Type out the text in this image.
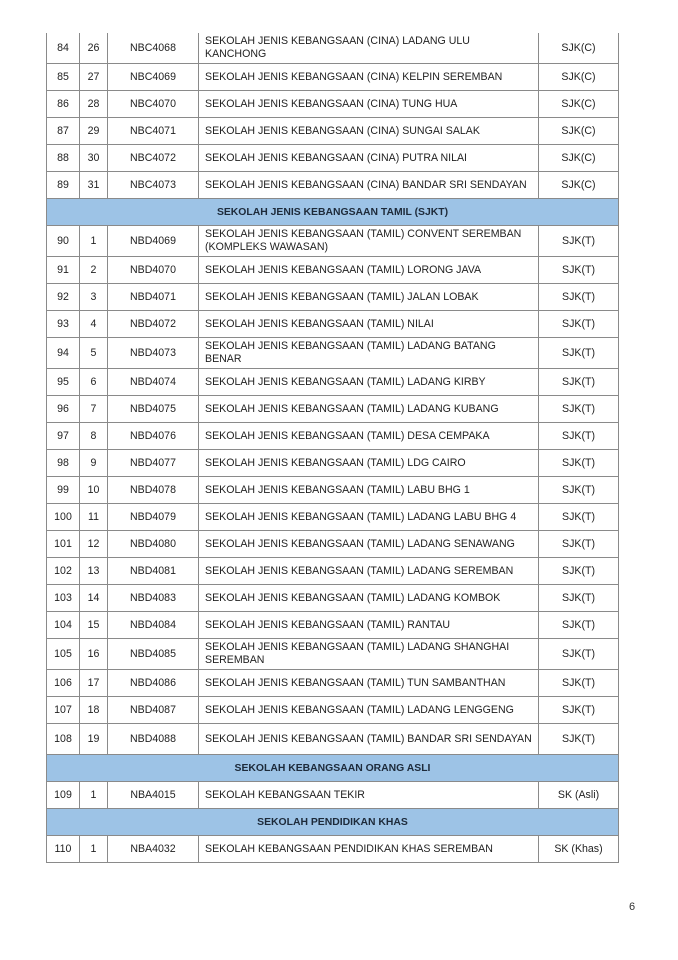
84	26	NBC4068	SEKOLAH JENIS KEBANGSAAN (CINA) LADANG ULU KANCHONG	SJK(C)
85	27	NBC4069	SEKOLAH JENIS KEBANGSAAN (CINA) KELPIN SEREMBAN	SJK(C)
86	28	NBC4070	SEKOLAH JENIS KEBANGSAAN (CINA) TUNG HUA	SJK(C)
87	29	NBC4071	SEKOLAH JENIS KEBANGSAAN (CINA) SUNGAI SALAK	SJK(C)
88	30	NBC4072	SEKOLAH JENIS KEBANGSAAN (CINA) PUTRA NILAI	SJK(C)
89	31	NBC4073	SEKOLAH JENIS KEBANGSAAN (CINA) BANDAR SRI SENDAYAN	SJK(C)
SEKOLAH JENIS KEBANGSAAN TAMIL (SJKT)				
90	1	NBD4069	SEKOLAH JENIS KEBANGSAAN (TAMIL) CONVENT SEREMBAN (KOMPLEKS WAWASAN)	SJK(T)
91	2	NBD4070	SEKOLAH JENIS KEBANGSAAN (TAMIL) LORONG JAVA	SJK(T)
92	3	NBD4071	SEKOLAH JENIS KEBANGSAAN (TAMIL) JALAN LOBAK	SJK(T)
93	4	NBD4072	SEKOLAH JENIS KEBANGSAAN (TAMIL) NILAI	SJK(T)
94	5	NBD4073	SEKOLAH JENIS KEBANGSAAN (TAMIL) LADANG BATANG BENAR	SJK(T)
95	6	NBD4074	SEKOLAH JENIS KEBANGSAAN (TAMIL) LADANG KIRBY	SJK(T)
96	7	NBD4075	SEKOLAH JENIS KEBANGSAAN (TAMIL) LADANG KUBANG	SJK(T)
97	8	NBD4076	SEKOLAH JENIS KEBANGSAAN (TAMIL) DESA CEMPAKA	SJK(T)
98	9	NBD4077	SEKOLAH JENIS KEBANGSAAN (TAMIL) LDG CAIRO	SJK(T)
99	10	NBD4078	SEKOLAH JENIS KEBANGSAAN (TAMIL) LABU BHG 1	SJK(T)
100	11	NBD4079	SEKOLAH JENIS KEBANGSAAN (TAMIL) LADANG LABU BHG 4	SJK(T)
101	12	NBD4080	SEKOLAH JENIS KEBANGSAAN (TAMIL) LADANG SENAWANG	SJK(T)
102	13	NBD4081	SEKOLAH JENIS KEBANGSAAN (TAMIL) LADANG SEREMBAN	SJK(T)
103	14	NBD4083	SEKOLAH JENIS KEBANGSAAN (TAMIL) LADANG KOMBOK	SJK(T)
104	15	NBD4084	SEKOLAH JENIS KEBANGSAAN (TAMIL) RANTAU	SJK(T)
105	16	NBD4085	SEKOLAH JENIS KEBANGSAAN (TAMIL) LADANG SHANGHAI SEREMBAN	SJK(T)
106	17	NBD4086	SEKOLAH JENIS KEBANGSAAN (TAMIL) TUN SAMBANTHAN	SJK(T)
107	18	NBD4087	SEKOLAH JENIS KEBANGSAAN (TAMIL) LADANG LENGGENG	SJK(T)
108	19	NBD4088	SEKOLAH JENIS KEBANGSAAN (TAMIL) BANDAR SRI SENDAYAN	SJK(T)
SEKOLAH KEBANGSAAN ORANG ASLI				
109	1	NBA4015	SEKOLAH KEBANGSAAN TEKIR	SK (Asli)
SEKOLAH PENDIDIKAN KHAS				
110	1	NBA4032	SEKOLAH KEBANGSAAN PENDIDIKAN KHAS SEREMBAN	SK (Khas)
6
